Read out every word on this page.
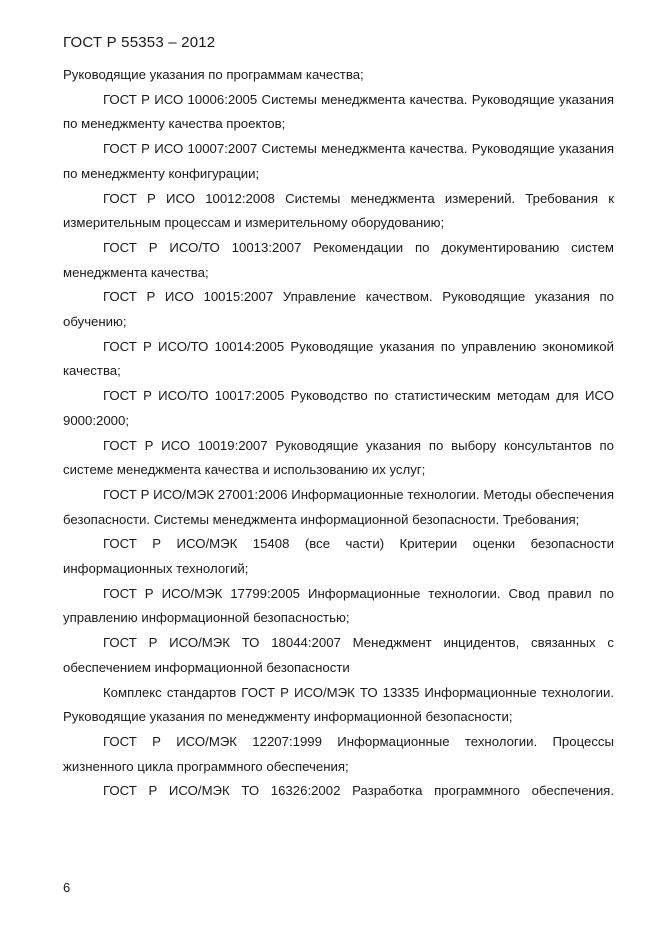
ГОСТ Р 55353 – 2012

Руководящие указания по программам качества;

ГОСТ Р ИСО 10006:2005 Системы менеджмента качества. Руководящие указания по менеджменту качества проектов;

ГОСТ Р ИСО 10007:2007 Системы менеджмента качества. Руководящие указания по менеджменту конфигурации;

ГОСТ Р ИСО 10012:2008 Системы менеджмента измерений. Требования к измерительным процессам и измерительному оборудованию;

ГОСТ Р ИСО/ТО 10013:2007 Рекомендации по документированию систем менеджмента качества;

ГОСТ Р ИСО 10015:2007 Управление качеством. Руководящие указания по обучению;

ГОСТ Р ИСО/ТО 10014:2005 Руководящие указания по управлению экономикой качества;

ГОСТ Р ИСО/ТО 10017:2005 Руководство по статистическим методам для ИСО 9000:2000;

ГОСТ Р ИСО 10019:2007 Руководящие указания по выбору консультантов по системе менеджмента качества и использованию их услуг;

ГОСТ Р ИСО/МЭК 27001:2006 Информационные технологии. Методы обеспечения безопасности. Системы менеджмента информационной безопасности. Требования;

ГОСТ Р ИСО/МЭК 15408 (все части) Критерии оценки безопасности информационных технологий;

ГОСТ Р ИСО/МЭК 17799:2005 Информационные технологии. Свод правил по управлению информационной безопасностью;

ГОСТ Р ИСО/МЭК ТО 18044:2007 Менеджмент инцидентов, связанных с обеспечением информационной безопасности

Комплекс стандартов ГОСТ Р ИСО/МЭК ТО 13335 Информационные технологии. Руководящие указания по менеджменту информационной безопасности;

ГОСТ Р ИСО/МЭК 12207:1999 Информационные технологии. Процессы жизненного цикла программного обеспечения;

ГОСТ Р ИСО/МЭК ТО 16326:2002 Разработка программного обеспечения.

6
